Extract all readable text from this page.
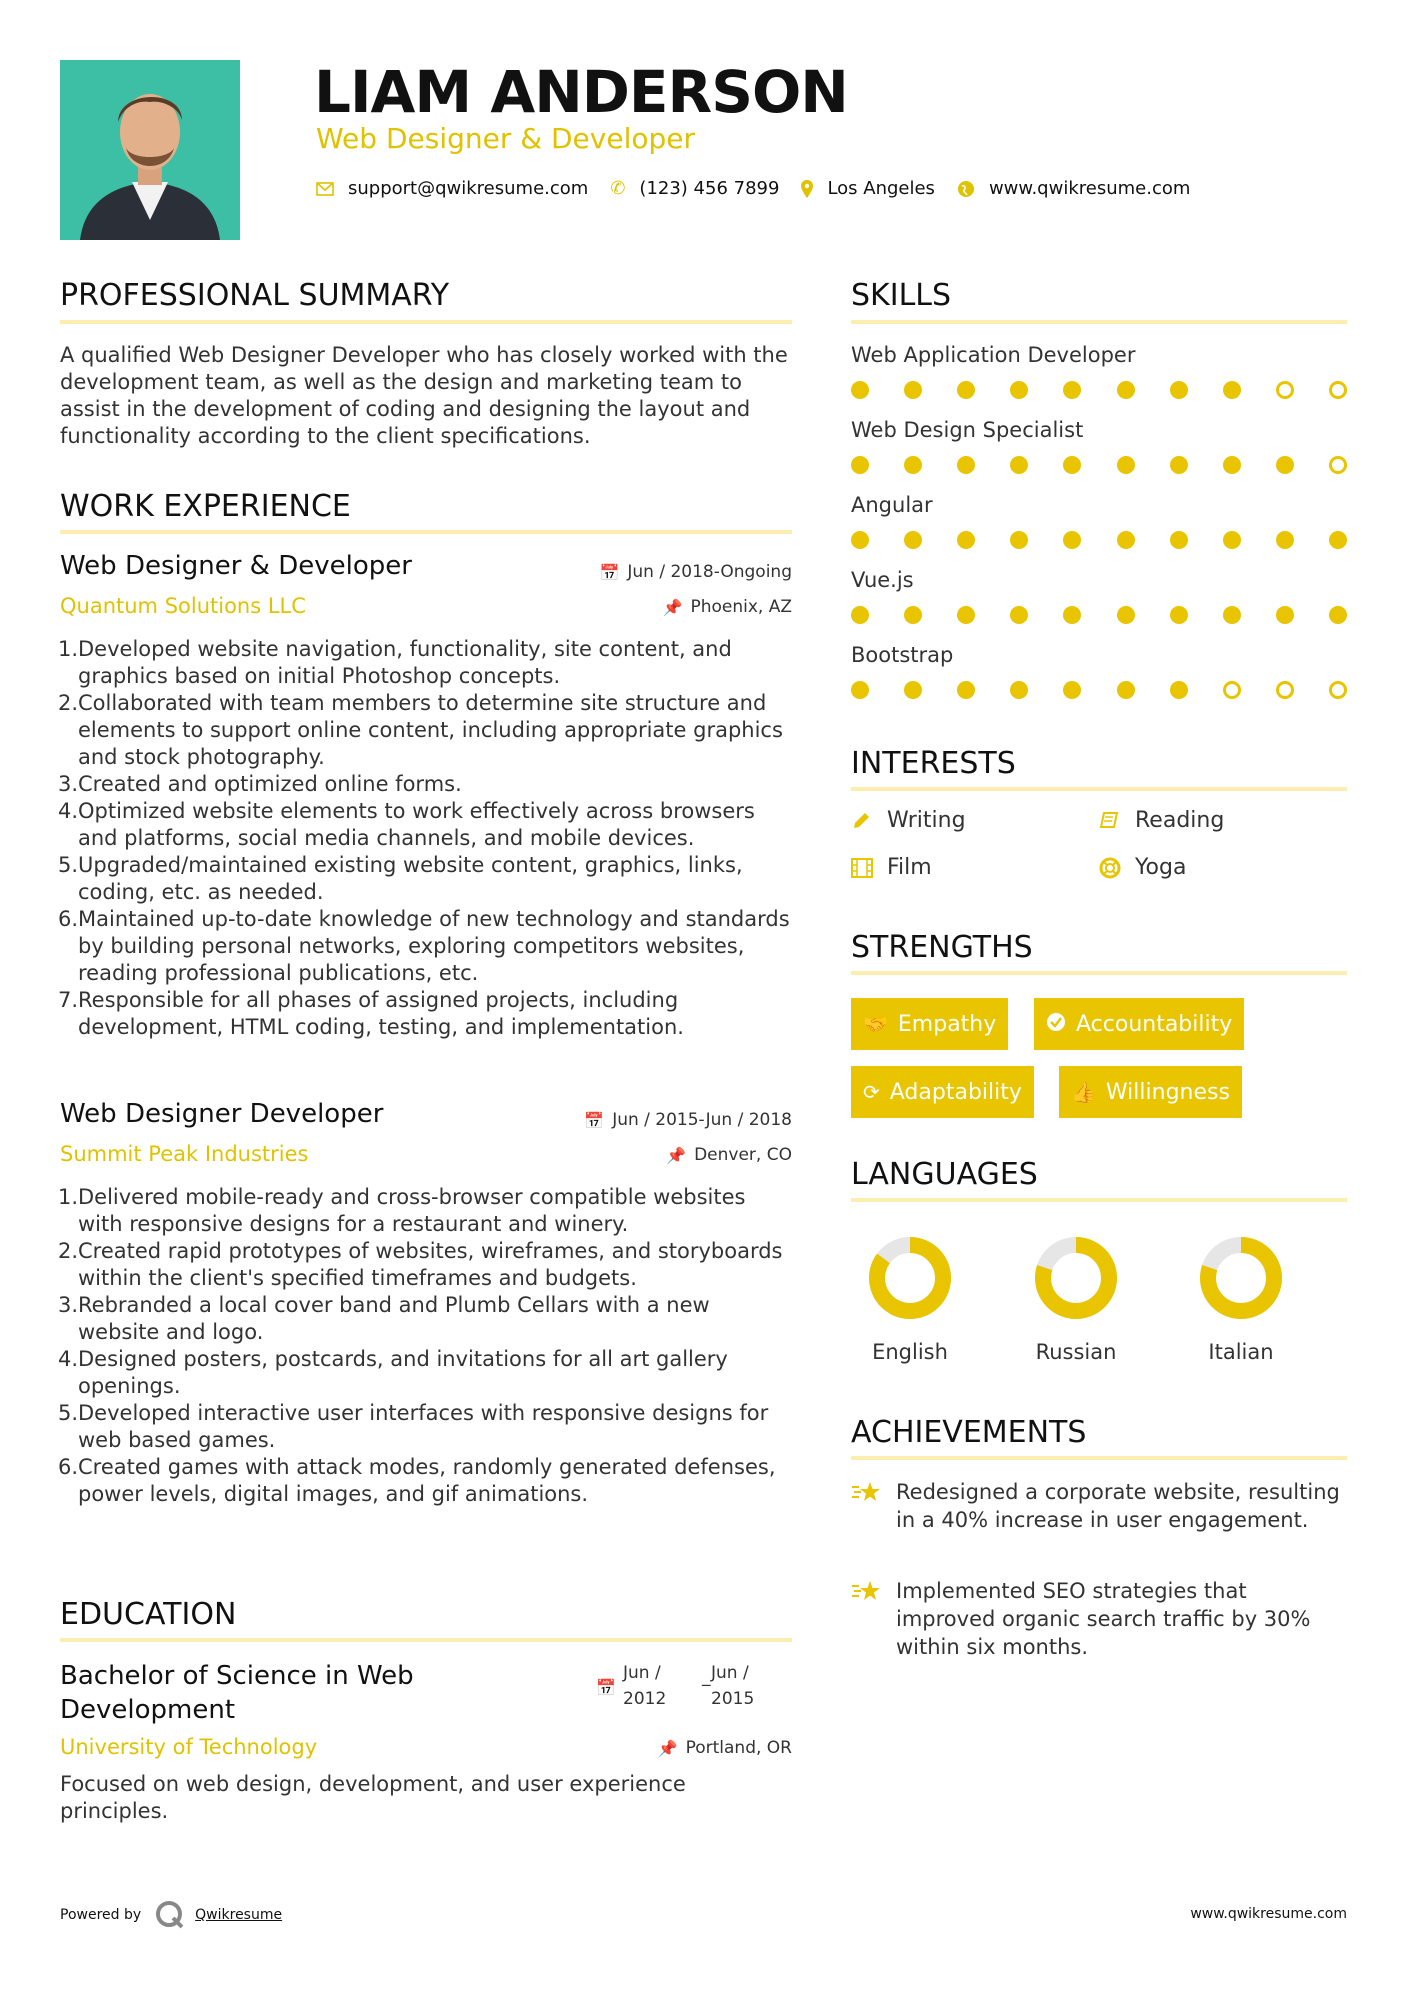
LIAM ANDERSON
Web Designer & Developer
support@qwikresume.com ✆ (123) 456 7899	Los Angeles	www.qwikresume.com
PROFESSIONAL SUMMARY
A qualified Web Designer Developer who has closely worked with the development team, as well as the design and marketing team to assist in the development of coding and designing the layout and functionality according to the client specifications.
WORK EXPERIENCE
Web Designer & Developer	📅 Jun / 2018-Ongoing
Quantum Solutions LLC	📌 Phoenix, AZ
Developed website navigation, functionality, site content, and graphics based on initial Photoshop concepts.
Collaborated with team members to determine site structure and elements to support online content, including appropriate graphics and stock photography.
Created and optimized online forms.
Optimized website elements to work effectively across browsers and platforms, social media channels, and mobile devices.
Upgraded/maintained existing website content, graphics, links, coding, etc. as needed.
Maintained up-to-date knowledge of new technology and standards by building personal networks, exploring competitors websites, reading professional publications, etc.
Responsible for all phases of assigned projects, including development, HTML coding, testing, and implementation.
Web Designer Developer	📅 Jun / 2015-Jun / 2018
Summit Peak Industries	📌 Denver, CO
Delivered mobile-ready and cross-browser compatible websites with responsive designs for a restaurant and winery.
Created rapid prototypes of websites, wireframes, and storyboards within the client's specified timeframes and budgets.
Rebranded a local cover band and Plumb Cellars with a new website and logo.
Designed posters, postcards, and invitations for all art gallery openings.
Developed interactive user interfaces with responsive designs for web based games.
Created games with attack modes, randomly generated defenses, power levels, digital images, and gif animations.
EDUCATION
Bachelor of Science in Web Development
📅
Jun /
2012
_ Jun /
2015
University of Technology	📌 Portland, OR
Focused on web design, development, and user experience principles.
SKILLS
Web Application Developer
Web Design Specialist
Angular
Vue.js
Bootstrap
INTERESTS
Writing	Reading
Film	Yoga
STRENGTHS
🤝 Empathy	Accountability
⟳ Adaptability 👍 Willingness
LANGUAGES
English	Russian	Italian
ACHIEVEMENTS
Redesigned a corporate website, resulting in a 40% increase in user engagement.
Implemented SEO strategies that improved organic search traffic by 30% within six months.
Powered by	Qwikresume	www.qwikresume.com
